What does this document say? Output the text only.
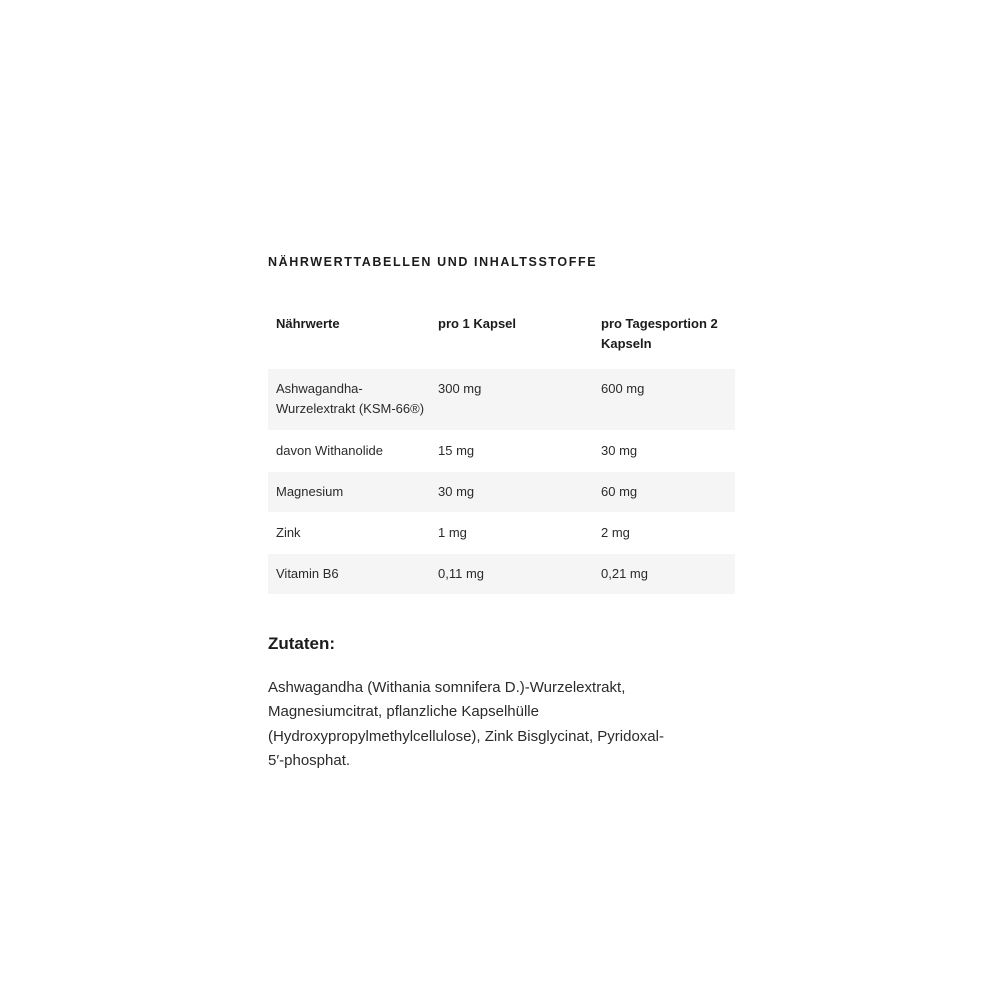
NÄHRWERTTABELLEN UND INHALTSSTOFFE
Nährwerte	pro 1 Kapsel	pro Tagesportion 2 Kapseln
Ashwagandha-Wurzelextrakt (KSM-66®)	300 mg	600 mg
davon Withanolide	15 mg	30 mg
Magnesium	30 mg	60 mg
Zink	1 mg	2 mg
Vitamin B6	0,11 mg	0,21 mg
Zutaten:

Ashwagandha (Withania somnifera D.)-Wurzelextrakt, Magnesiumcitrat, pflanzliche Kapselhülle (Hydroxypropylmethylcellulose), Zink Bisglycinat, Pyridoxal-5′-phosphat.
